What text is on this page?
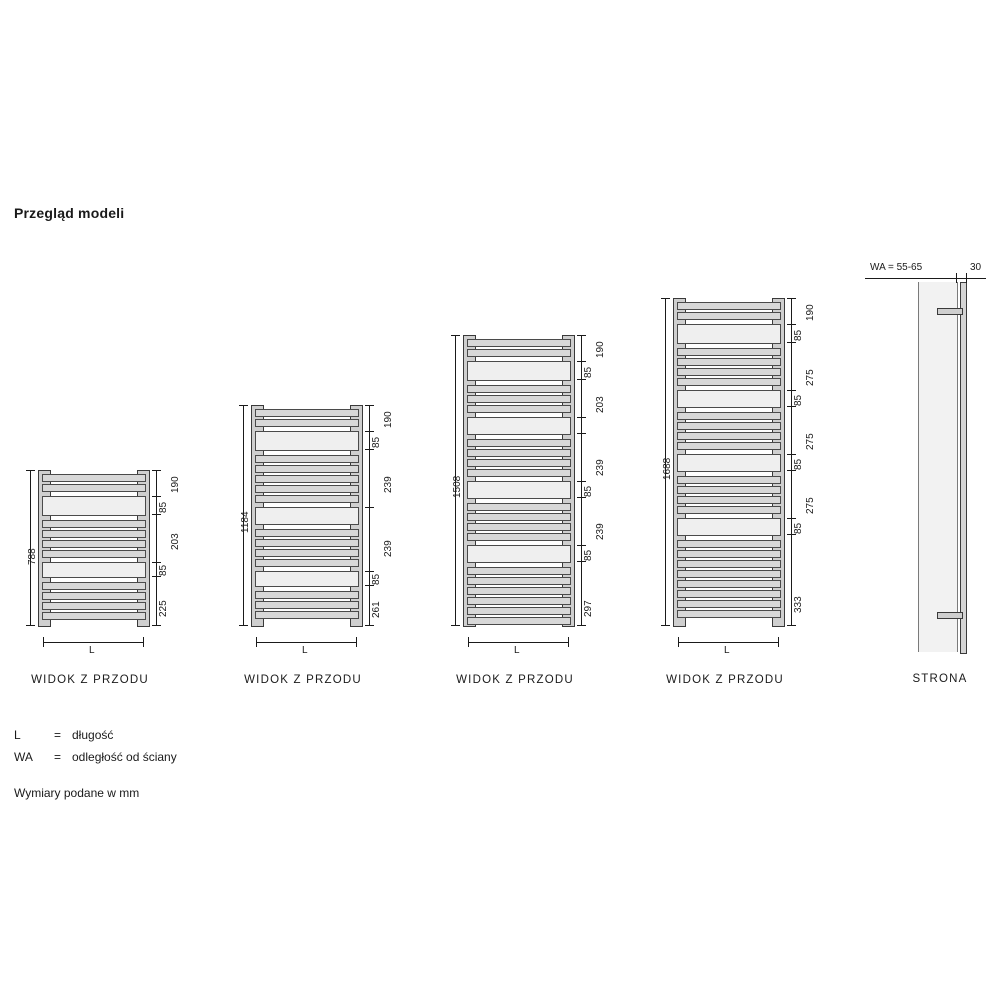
Przegląd modeli
788
L
190
85
203
85
225
WIDOK Z PRZODU
1184
L
190
85
239
239
85
261
WIDOK Z PRZODU
1508
L
190
85
203
239
85
239
85
297
WIDOK Z PRZODU
1688
L
190
85
275
85
275
85
275
85
333
WIDOK Z PRZODU
WA = 55-65	30
STRONA
L	= długość
WA = odległość od ściany
Wymiary podane w mm
